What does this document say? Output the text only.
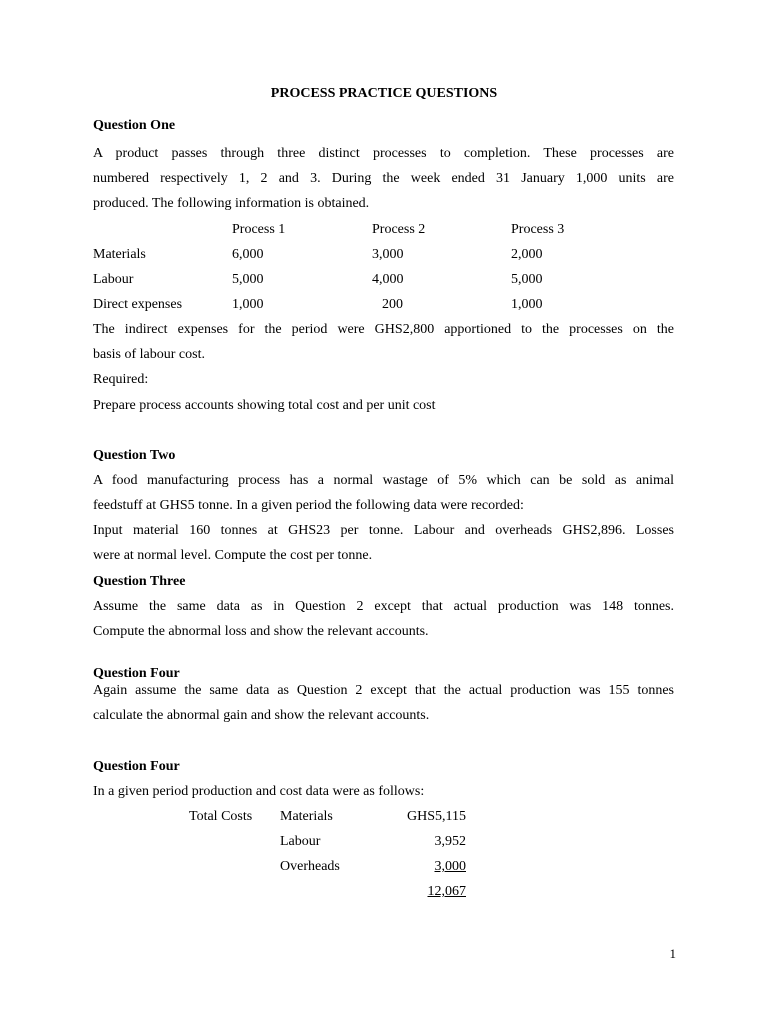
PROCESS PRACTICE QUESTIONS
Question One
A product passes through three distinct processes to completion. These processes are
numbered respectively 1, 2 and 3. During the week ended 31 January 1,000 units are
produced. The following information is obtained.
Process 1	Process 2	Process 3
Materials	6,000	3,000	2,000
Labour	5,000	4,000	5,000
Direct expenses	1,000	200	1,000
The indirect expenses for the period were GHS2,800 apportioned to the processes on the
basis of labour cost.
Required:
Prepare process accounts showing total cost and per unit cost
Question Two
A food manufacturing process has a normal wastage of 5% which can be sold as animal
feedstuff at GHS5 tonne. In a given period the following data were recorded:
Input material 160 tonnes at GHS23 per tonne. Labour and overheads GHS2,896. Losses
were at normal level. Compute the cost per tonne.
Question Three
Assume the same data as in Question 2 except that actual production was 148 tonnes.
Compute the abnormal loss and show the relevant accounts.
Question Four
Again assume the same data as Question 2 except that the actual production was 155 tonnes
calculate the abnormal gain and show the relevant accounts.
Question Four
In a given period production and cost data were as follows:
Total Costs Materials	GHS5,115
Labour	3,952
Overheads	3,000
12,067
1
